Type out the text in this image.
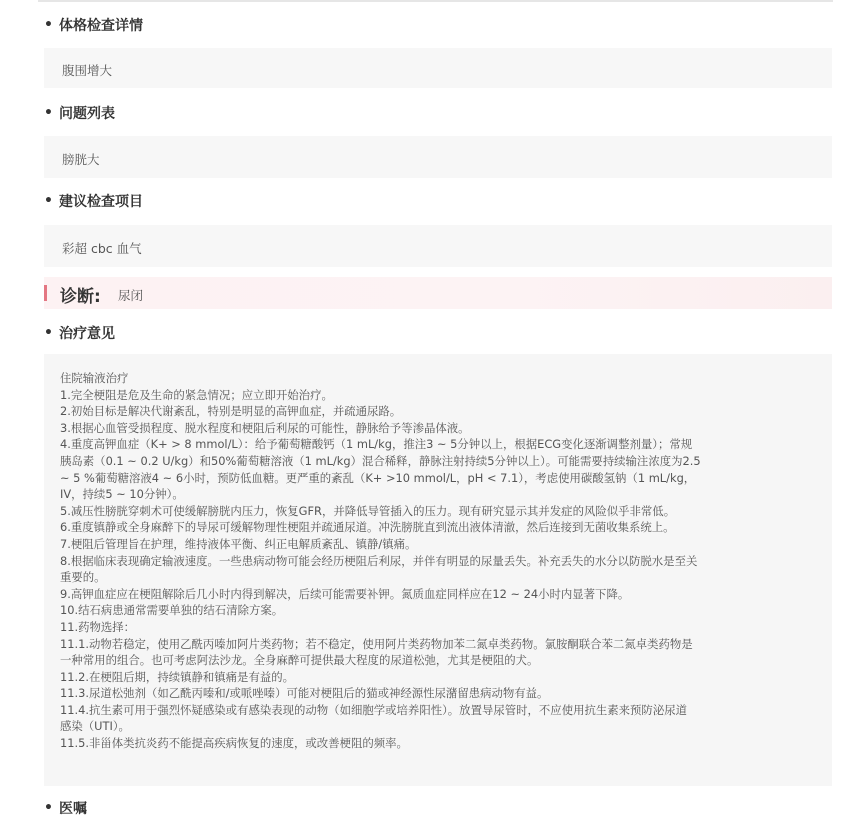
• 体格检查详情
腹围增大
• 问题列表
膀胱大
• 建议检查项目
彩超 cbc 血气
诊断: 尿闭
• 治疗意见
住院输液治疗
1.完全梗阻是危及生命的紧急情况；应立即开始治疗。
2.初始目标是解决代谢紊乱，特别是明显的高钾血症，并疏通尿路。
3.根据心血管受损程度、脱水程度和梗阻后利尿的可能性，静脉给予等渗晶体液。
4.重度高钾血症（K+ > 8 mmol/L）：给予葡萄糖酸钙（1 mL/kg，推注3 ~ 5分钟以上，根据ECG变化逐渐调整剂量）；常规
胰岛素（0.1 ~ 0.2 U/kg）和50%葡萄糖溶液（1 mL/kg）混合稀释，静脉注射持续5分钟以上）。可能需要持续输注浓度为2.5
~ 5 %葡萄糖溶液4 ~ 6小时，预防低血糖。更严重的紊乱（K+ >10 mmol/L，pH < 7.1），考虑使用碳酸氢钠（1 mL/kg，
IV，持续5 ~ 10分钟）。
5.减压性膀胱穿刺术可使缓解膀胱内压力，恢复GFR，并降低导管插入的压力。现有研究显示其并发症的风险似乎非常低。
6.重度镇静或全身麻醉下的导尿可缓解物理性梗阻并疏通尿道。冲洗膀胱直到流出液体清澈，然后连接到无菌收集系统上。
7.梗阻后管理旨在护理，维持液体平衡、纠正电解质紊乱、镇静/镇痛。
8.根据临床表现确定输液速度。一些患病动物可能会经历梗阻后利尿，并伴有明显的尿量丢失。补充丢失的水分以防脱水是至关
重要的。
9.高钾血症应在梗阻解除后几小时内得到解决，后续可能需要补钾。氮质血症同样应在12 ~ 24小时内显著下降。
10.结石病患通常需要单独的结石清除方案。
11.药物选择：
11.1.动物若稳定，使用乙酰丙嗪加阿片类药物；若不稳定，使用阿片类药物加苯二氮卓类药物。氯胺酮联合苯二氮卓类药物是
一种常用的组合。也可考虑阿法沙龙。全身麻醉可提供最大程度的尿道松弛，尤其是梗阻的犬。
11.2.在梗阻后期，持续镇静和镇痛是有益的。
11.3.尿道松弛剂（如乙酰丙嗪和/或哌唑嗪）可能对梗阻后的猫或神经源性尿潴留患病动物有益。
11.4.抗生素可用于强烈怀疑感染或有感染表现的动物（如细胞学或培养阳性）。放置导尿管时，不应使用抗生素来预防泌尿道
感染（UTI）。
11.5.非甾体类抗炎药不能提高疾病恢复的速度，或改善梗阻的频率。
• 医嘱
